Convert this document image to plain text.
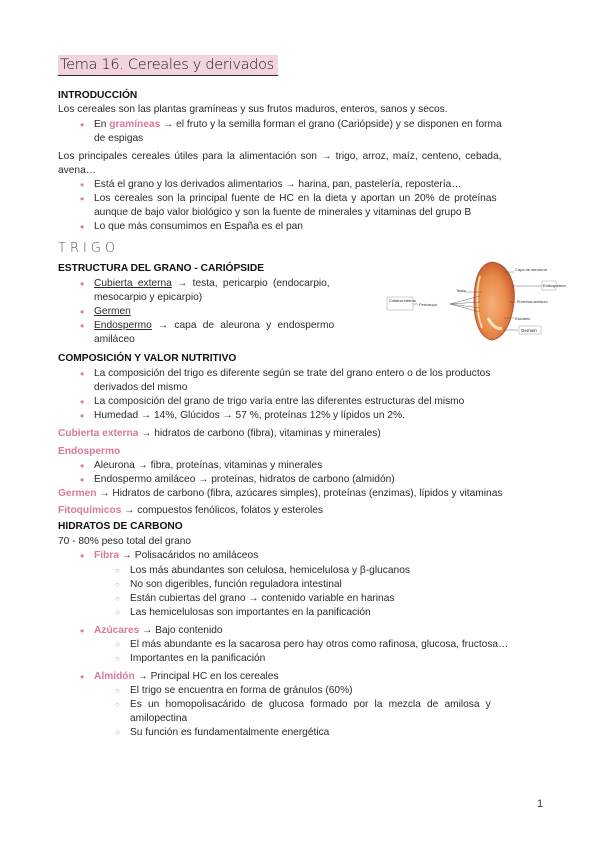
Tema 16. Cereales y derivados
INTRODUCCIÓN
Los cereales son las plantas gramíneas y sus frutos maduros, enteros, sanos y secos.
• En gramíneas → el fruto y la semilla forman el grano (Cariópside) y se disponen en forma
de espigas
Los principales cereales útiles para la alimentación son → trigo, arroz, maíz, centeno, cebada,
avena…
• Está el grano y los derivados alimentarios → harina, pan, pastelería, repostería…
• Los cereales son la principal fuente de HC en la dieta y aportan un 20% de proteínas
aunque de bajo valor biológico y son la fuente de minerales y vitaminas del grupo B
• Lo que más consumimos en España es el pan
TRIGO
ESTRUCTURA DEL GRANO - CARIÓPSIDE
• Cubierta externa → testa, pericarpio (endocarpio,
mesocarpio y epicarpio)
• Germen
• Endospermo → capa de aleurona y endospermo
amiláceo
Capa de aleurona
Endospermo
Testa
Cubierta externa
Pericarpio	Proteínas amiláceo
Escutelo
Germen
COMPOSICIÓN Y VALOR NUTRITIVO
• La composición del trigo es diferente según se trate del grano entero o de los productos
derivados del mismo
• La composición del grano de trigo varía entre las diferentes estructuras del mismo
• Humedad → 14%, Glúcidos → 57 %, proteínas 12% y lípidos un 2%.
Cubierta externa → hidratos de carbono (fibra), vitaminas y minerales)
Endospermo
• Aleurona → fibra, proteínas, vitaminas y minerales
• Endospermo amiláceo → proteínas, hidratos de carbono (almidón)
Germen → Hidratos de carbono (fibra, azúcares simples), proteínas (enzimas), lípidos y vitaminas
Fitoquímicos → compuestos fenólicos, folatos y esteroles
HIDRATOS DE CARBONO
70 - 80% peso total del grano
• Fibra → Polisacáridos no amiláceos
○ Los más abundantes son celulosa, hemicelulosa y β-glucanos
○ No son digeribles, función reguladora intestinal
○ Están cubiertas del grano → contenido variable en harinas
○ Las hemicelulosas son importantes en la panificación
• Azúcares → Bajo contenido
○ El más abundante es la sacarosa pero hay otros como rafinosa, glucosa, fructosa…
○ Importantes en la panificación
• Almidón → Principal HC en los cereales
○ El trigo se encuentra en forma de gránulos (60%)
○ Es un homopolisacárido de glucosa formado por la mezcla de amilosa y
amilopectina
○ Su función es fundamentalmente energética
1
